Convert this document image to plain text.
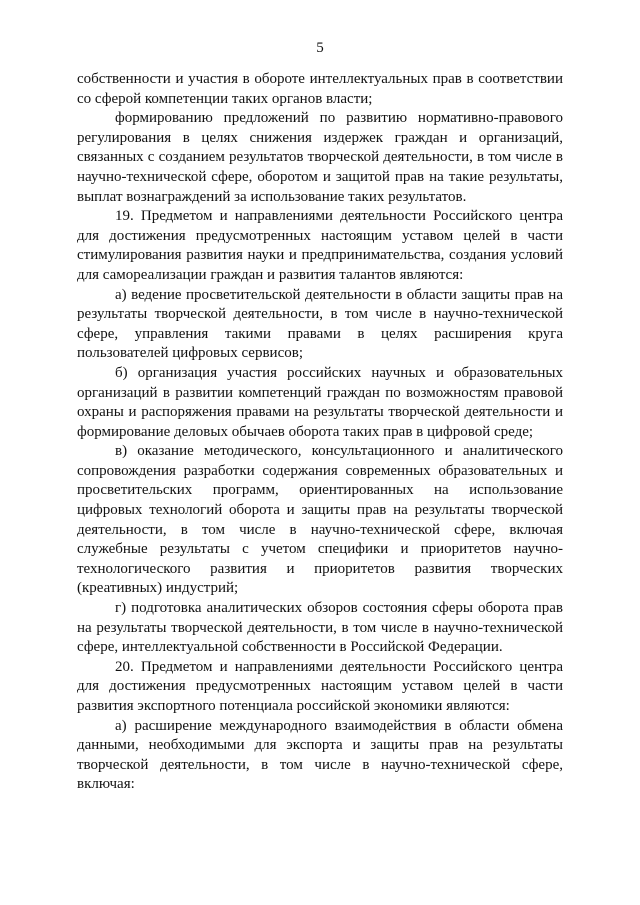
5

собственности и участия в обороте интеллектуальных прав в соответствии со сферой компетенции таких органов власти;

формированию предложений по развитию нормативно-правового регулирования в целях снижения издержек граждан и организаций, связанных с созданием результатов творческой деятельности, в том числе в научно-технической сфере, оборотом и защитой прав на такие результаты, выплат вознаграждений за использование таких результатов.

19. Предметом и направлениями деятельности Российского центра для достижения предусмотренных настоящим уставом целей в части стимулирования развития науки и предпринимательства, создания условий для самореализации граждан и развития талантов являются:

а) ведение просветительской деятельности в области защиты прав на результаты творческой деятельности, в том числе в научно-технической сфере, управления такими правами в целях расширения круга пользователей цифровых сервисов;

б) организация участия российских научных и образовательных организаций в развитии компетенций граждан по возможностям правовой охраны и распоряжения правами на результаты творческой деятельности и формирование деловых обычаев оборота таких прав в цифровой среде;

в) оказание методического, консультационного и аналитического сопровождения разработки содержания современных образовательных и просветительских программ, ориентированных на использование цифровых технологий оборота и защиты прав на результаты творческой деятельности, в том числе в научно-технической сфере, включая служебные результаты с учетом специфики и приоритетов научно-технологического развития и приоритетов развития творческих (креативных) индустрий;

г) подготовка аналитических обзоров состояния сферы оборота прав на результаты творческой деятельности, в том числе в научно-технической сфере, интеллектуальной собственности в Российской Федерации.

20. Предметом и направлениями деятельности Российского центра для достижения предусмотренных настоящим уставом целей в части развития экспортного потенциала российской экономики являются:

а) расширение международного взаимодействия в области обмена данными, необходимыми для экспорта и защиты прав на результаты творческой деятельности, в том числе в научно-технической сфере, включая:
